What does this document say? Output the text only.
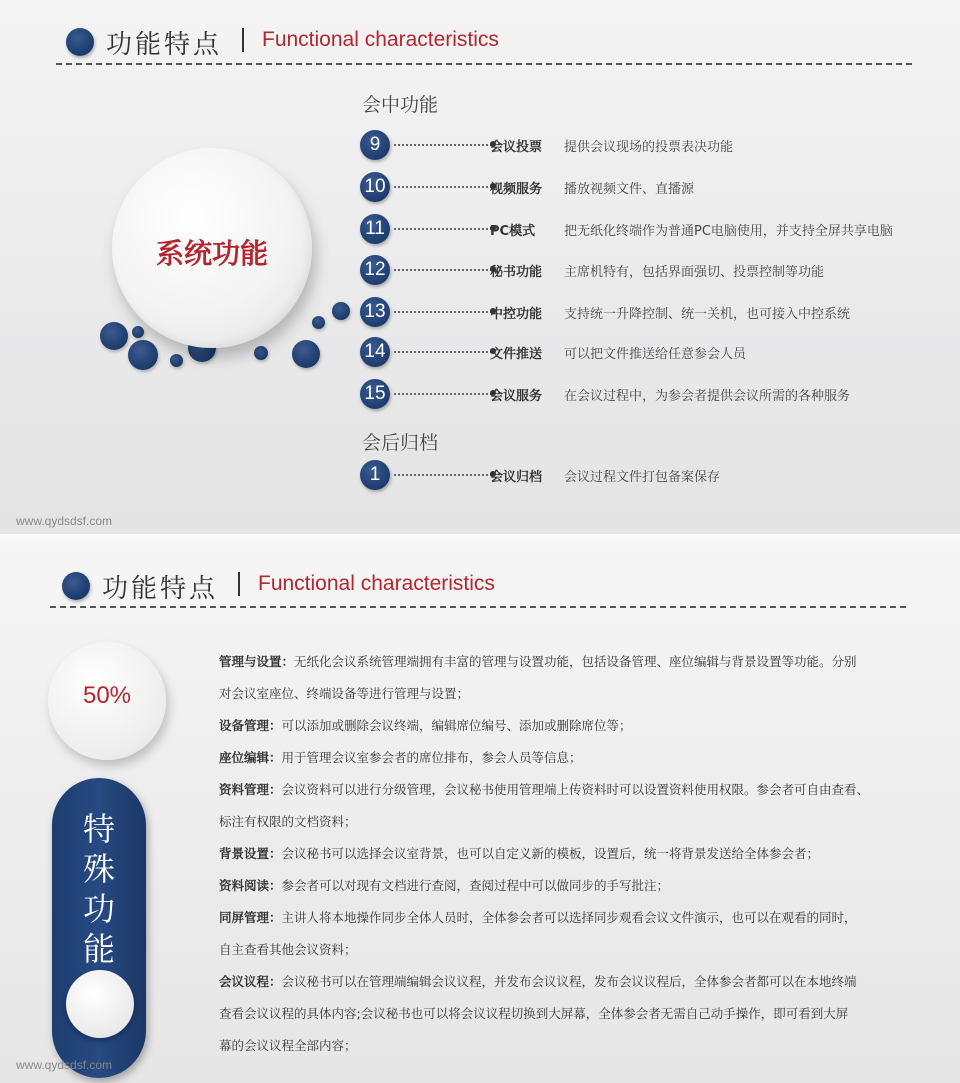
功能特点 Functional characteristics
会中功能
系统功能
9	会议投票 提供会议现场的投票表决功能
10	视频服务 播放视频文件、直播源
11	PC模式 把无纸化终端作为普通PC电脑使用，并支持全屏共享电脑
12	秘书功能 主席机特有，包括界面强切、投票控制等功能
13	中控功能 支持统一升降控制、统一关机，也可接入中控系统
14	文件推送 可以把文件推送给任意参会人员
15	会议服务 在会议过程中，为参会者提供会议所需的各种服务
会后归档
1	会议归档 会议过程文件打包备案保存
www.qydsdsf.com
功能特点 Functional characteristics
50%
特
殊
功
能
管理与设置：无纸化会议系统管理端拥有丰富的管理与设置功能，包括设备管理、座位编辑与背景设置等功能。分别
对会议室座位、终端设备等进行管理与设置；
设备管理：可以添加或删除会议终端，编辑席位编号、添加或删除席位等；
座位编辑：用于管理会议室参会者的席位排布，参会人员等信息；
资料管理：会议资料可以进行分级管理，会议秘书使用管理端上传资料时可以设置资料使用权限。参会者可自由查看、
标注有权限的文档资料；
背景设置：会议秘书可以选择会议室背景，也可以自定义新的模板，设置后，统一将背景发送给全体参会者；
资料阅读：参会者可以对现有文档进行查阅，查阅过程中可以做同步的手写批注；
同屏管理：主讲人将本地操作同步全体人员时，全体参会者可以选择同步观看会议文件演示，也可以在观看的同时，
自主查看其他会议资料；
会议议程：会议秘书可以在管理端编辑会议议程，并发布会议议程，发布会议议程后，全体参会者都可以在本地终端
查看会议议程的具体内容;会议秘书也可以将会议议程切换到大屏幕，全体参会者无需自己动手操作，即可看到大屏
幕的会议议程全部内容；
www.qydsdsf.com
